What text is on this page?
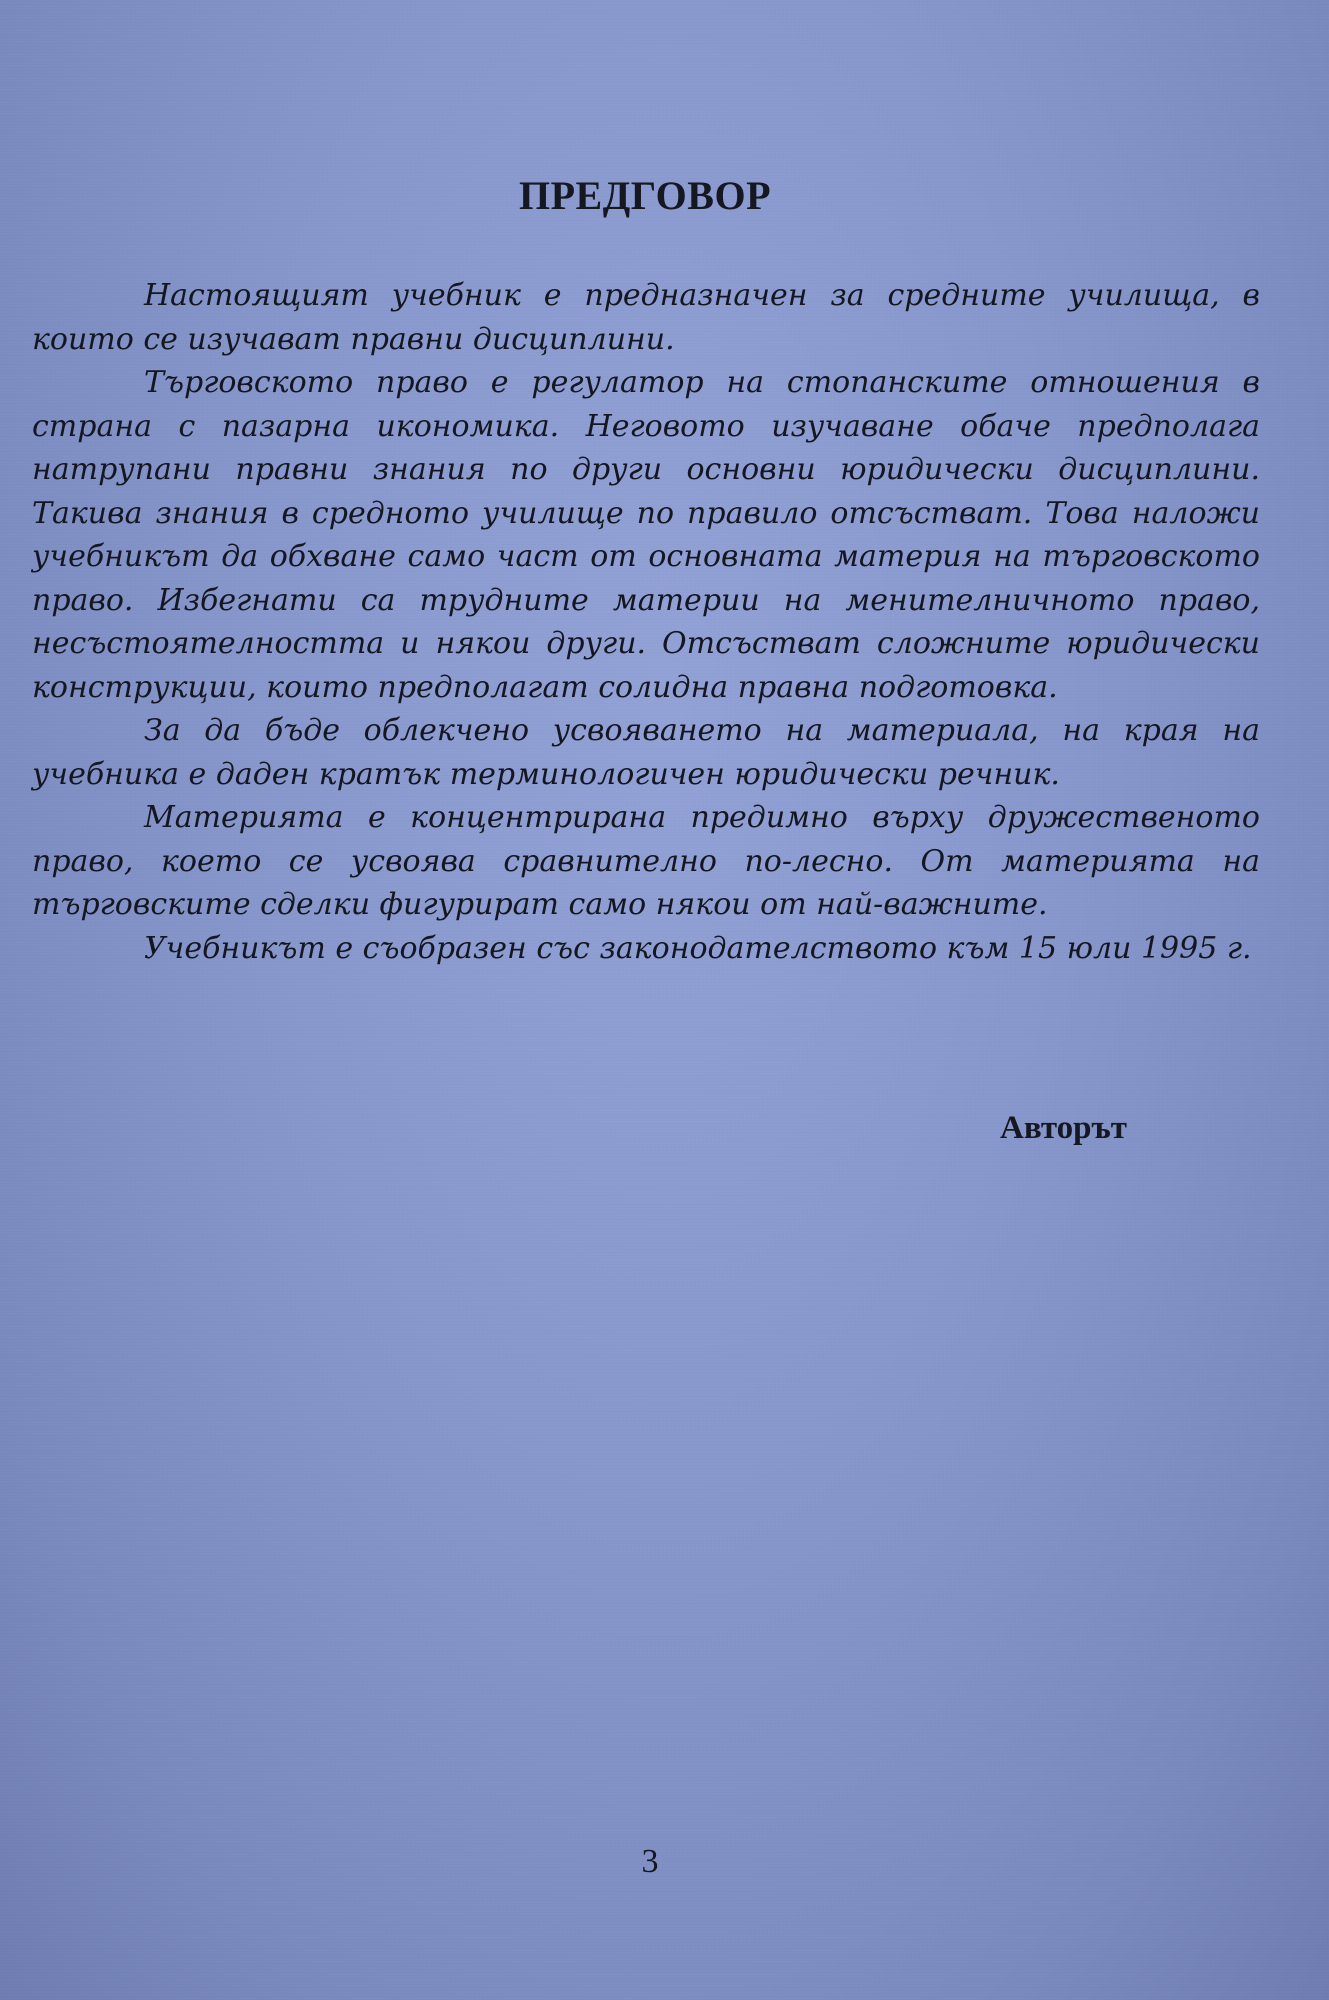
ПРЕДГОВОР

Настоящият учебник е предназначен за средните училища, в които се изучават правни дисциплини.

Търговското право е регулатор на стопанските отношения в страна с пазарна икономика. Неговото изучаване обаче предполага натрупани правни знания по други основни юридически дисциплини. Такива знания в средното училище по правило отсъстват. Това наложи учебникът да обхване само част от основната материя на търговското право. Избегнати са трудните материи на менителничното право, несъстоятелността и някои други. Отсъстват сложните юридически конструкции, които предполагат солидна правна подготовка.

За да бъде облекчено усвояването на материала, на края на учебника е даден кратък терминологичен юридически речник.

Материята е концентрирана предимно върху дружественото право, което се усвоява сравнително по-лесно. От материята на търговските сделки фигурират само някои от най-важните.

Учебникът е съобразен със законодателството към 15 юли 1995 г.

Авторът

3
